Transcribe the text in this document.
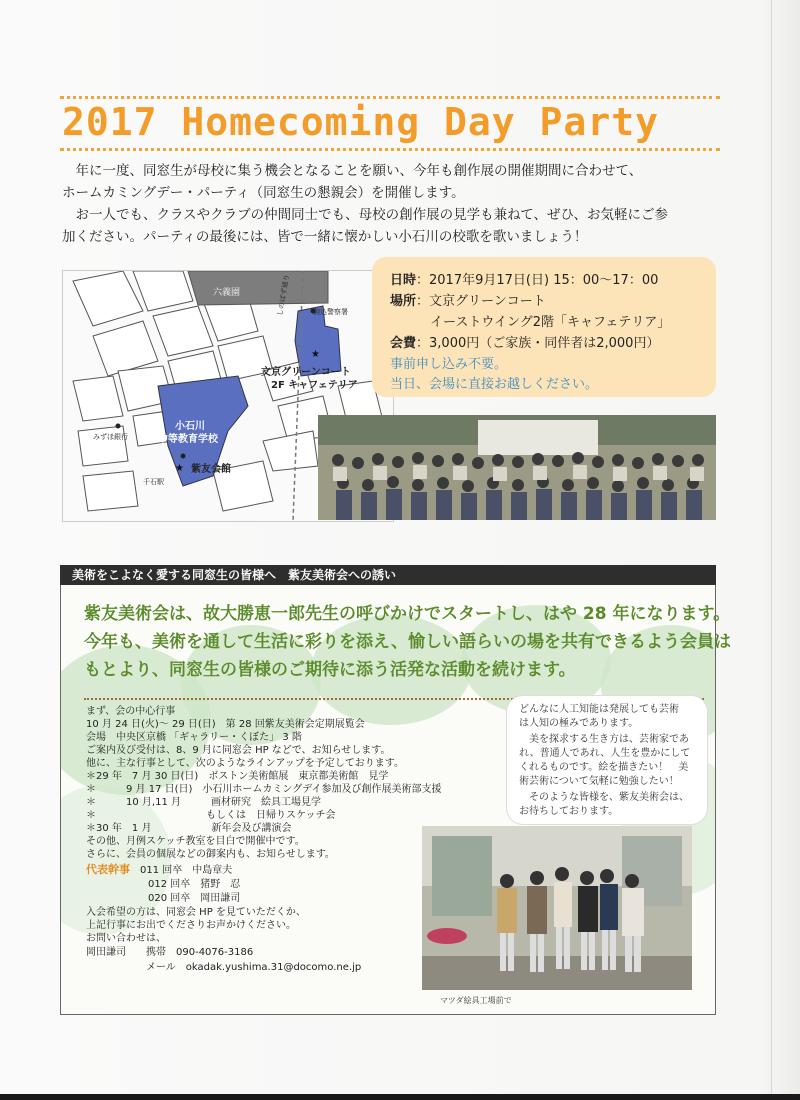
2017 Homecoming Day Party

年に一度、同窓生が母校に集う機会となることを願い、今年も創作展の開催期間に合わせて、

ホームカミングデー・パーティ（同窓生の懇親会）を開催します。

お一人でも、クラスやクラブの仲間同士でも、母校の創作展の見学も兼ねて、ぜひ、お気軽にご参

加ください。パーティの最後には、皆で一緒に懐かしい小石川の校歌を歌いましょう！

★
★
六義園	しのばず通り	駒込警察署
文京グリーンコート
2F キャフェテリア
小石川
中等教育学校
紫友会館
みずほ銀行
千石駅
日時：2017年9月17日(日) 15：00〜17：00
場所：文京グリーンコート
イーストウイング2階「キャフェテリア」
会費：3,000円（ご家族・同伴者は2,000円）
事前申し込み不要。
当日、会場に直接お越しください。
美術をこよなく愛する同窓生の皆様へ　紫友美術会への誘い
紫友美術会は、故大勝恵一郎先生の呼びかけでスタートし、はや 28 年になります。
今年も、美術を通して生活に彩りを添え、愉しい語らいの場を共有できるよう会員は
もとより、同窓生の皆様のご期待に添う活発な活動を続けます。
まず、会の中心行事
10 月 24 日(火)〜 29 日(日)　第 28 回紫友美術会定期展覧会
会場　中央区京橋 「ギャラリー・くぼた」 3 階
ご案内及び受付は、8、9 月に同窓会 HP などで、お知らせします。
他に、主な行事として、次のようなラインアップを予定しております。
＊29 年　7 月 30 日(日)　ボストン美術館展　東京都美術館　見学
＊　　　9 月 17 日(日)　小石川ホームカミングデイ参加及び創作展美術部支援
＊　　　10 月,11 月　　　画材研究　絵具工場見学
＊　　　　　　　　　　　もしくは　日帰りスケッチ会
＊30 年　1 月　　　　　　新年会及び講演会
その他、月例スケッチ教室を目白で開催中です。
さらに、会員の個展などの御案内も、お知らせします。
代表幹事　 011 回卒　中島章夫
012 回卒　猪野　忍
020 回卒　岡田謙司
入会希望の方は、同窓会 HP を見ていただくか、
上記行事にお出でくださりお声かけください。
お問い合わせは、
岡田謙司　　携帯　090-4076-3186
　　　　　　メール　okadak.yushima.31@docomo.ne.jp
どんなに人工知能は発展しても芸術
は人知の極みであります。
　美を探求する生き方は、芸術家であ
れ、普通人であれ、人生を豊かにして
くれるものです。絵を描きたい！　美
術芸術について気軽に勉強したい！
　そのような皆様を、紫友美術会は、
お待ちしております。
マツダ絵具工場前で
